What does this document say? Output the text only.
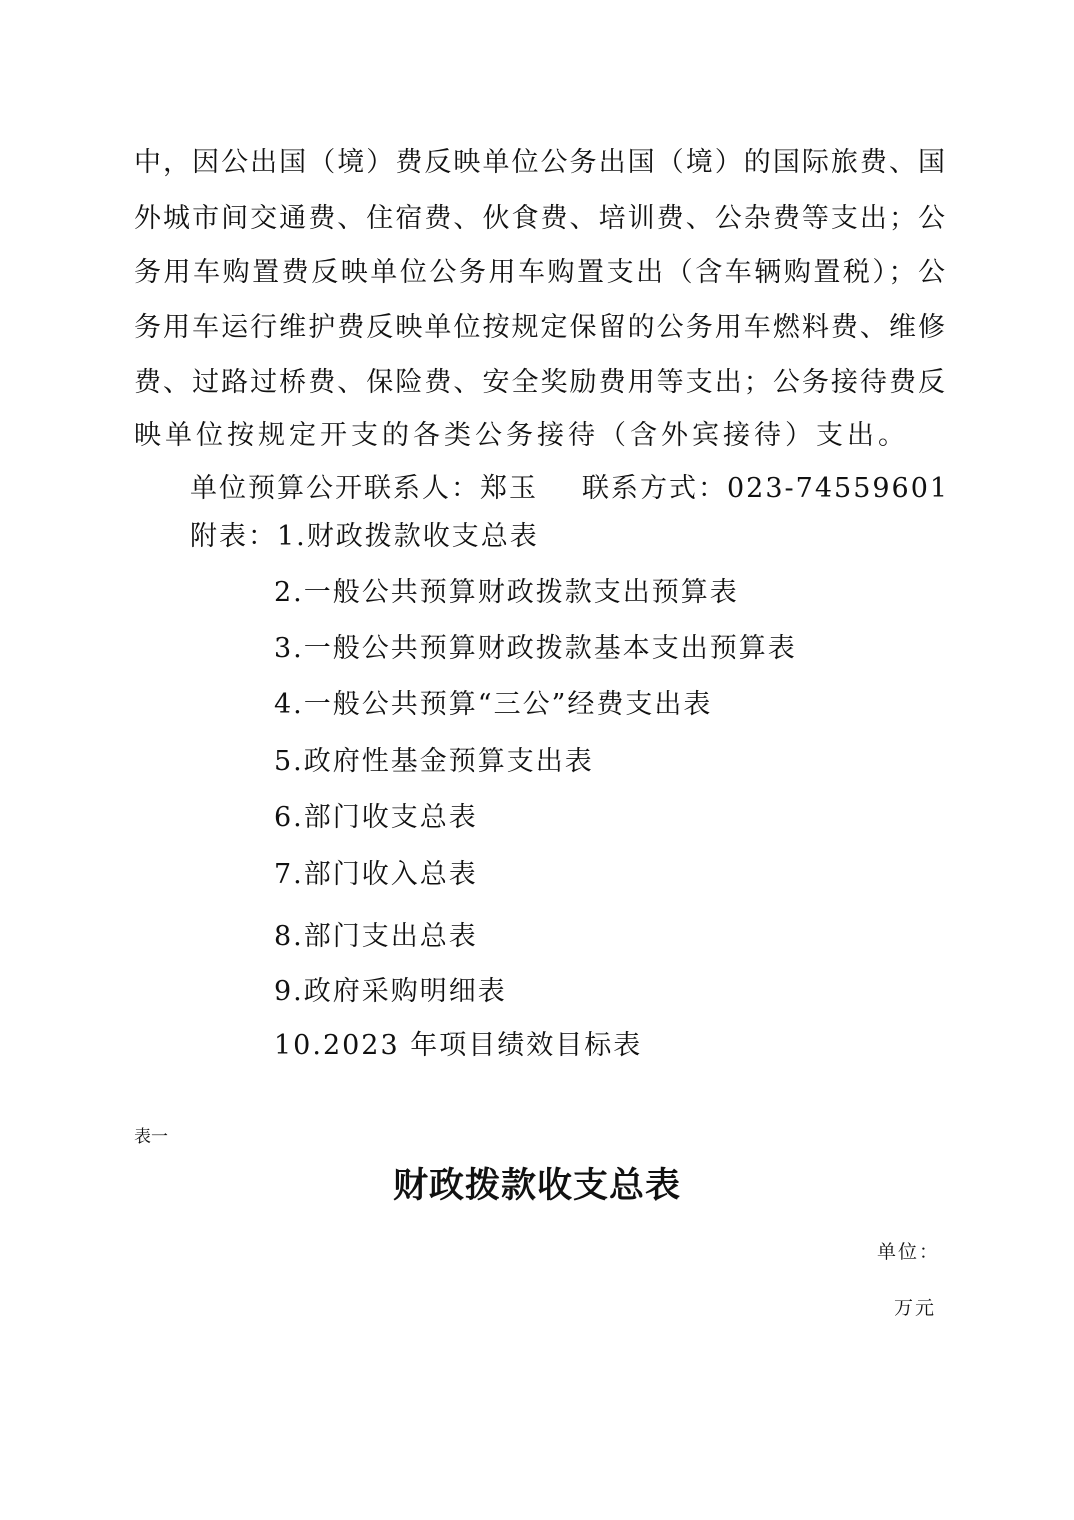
中，因公出国（境）费反映单位公务出国（境）的国际旅费、国
外城市间交通费、住宿费、伙食费、培训费、公杂费等支出；公
务用车购置费反映单位公务用车购置支出（含车辆购置税）；公
务用车运行维护费反映单位按规定保留的公务用车燃料费、维修
费、过路过桥费、保险费、安全奖励费用等支出；公务接待费反
映单位按规定开支的各类公务接待（含外宾接待）支出。
单位预算公开联系人：郑玉 联系方式：023-74559601
附表：1.财政拨款收支总表
2.一般公共预算财政拨款支出预算表
3.一般公共预算财政拨款基本支出预算表
4.一般公共预算“三公”经费支出表
5.政府性基金预算支出表
6.部门收支总表
7.部门收入总表
8.部门支出总表
9.政府采购明细表
10.2023 年项目绩效目标表
表一
财政拨款收支总表
单位：
万元
